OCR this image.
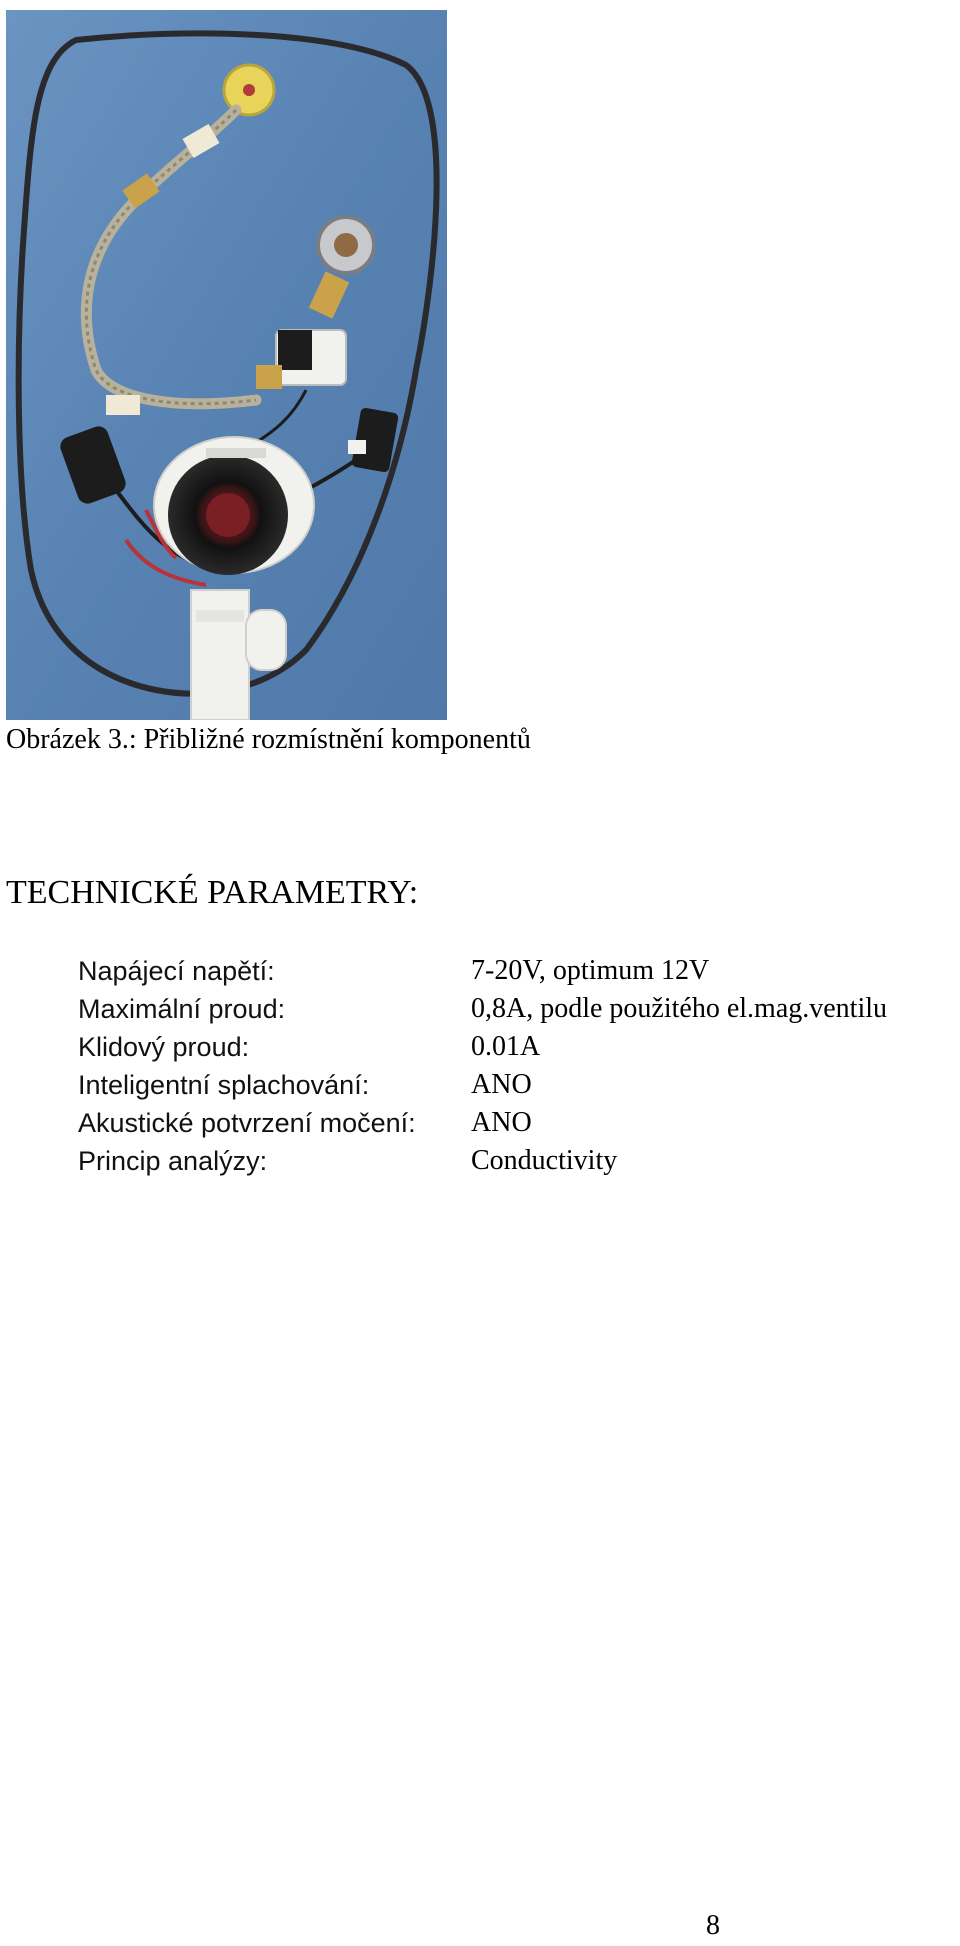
Obrázek 3.: Přibližné rozmístnění komponentů
TECHNICKÉ PARAMETRY:
Napájecí napětí:	7-20V, optimum 12V
Maximální proud:	0,8A, podle použitého el.mag.ventilu
Klidový proud:	0.01A
Inteligentní splachování:	ANO
Akustické potvrzení močení:	ANO
Princip analýzy:	Conductivity
8
